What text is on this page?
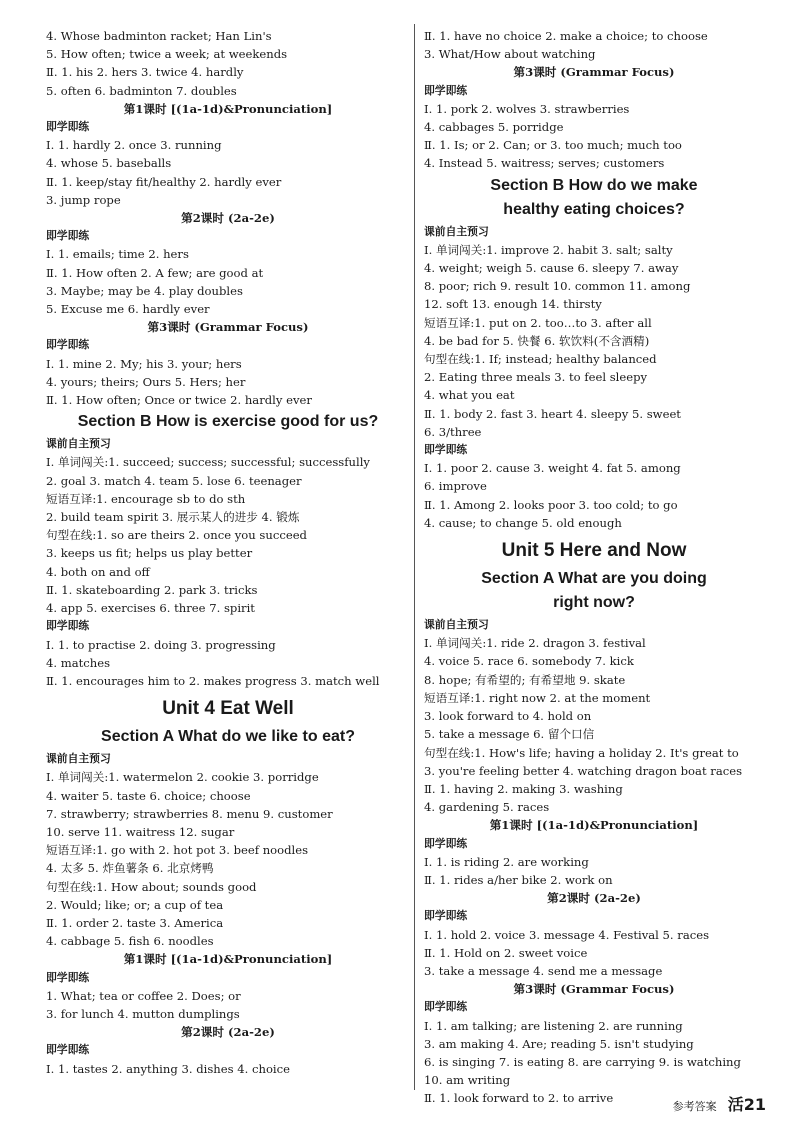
4. Whose badminton racket; Han Lin's
5. How often; twice a week; at weekends
Ⅱ. 1. his 2. hers 3. twice 4. hardly
5. often 6. badminton 7. doubles
第1课时 [(1a-1d)&Pronunciation]
即学即练
Ⅰ. 1. hardly 2. once 3. running
4. whose 5. baseballs
Ⅱ. 1. keep/stay fit/healthy 2. hardly ever
3. jump rope
第2课时 (2a-2e)
即学即练
Ⅰ. 1. emails; time 2. hers
Ⅱ. 1. How often 2. A few; are good at
3. Maybe; may be 4. play doubles
5. Excuse me 6. hardly ever
第3课时 (Grammar Focus)
即学即练
Ⅰ. 1. mine 2. My; his 3. your; hers
4. yours; theirs; Ours 5. Hers; her
Ⅱ. 1. How often; Once or twice 2. hardly ever
Section B How is exercise good for us?
课前自主预习
Ⅰ. 单词闯关:1. succeed; success; successful; successfully
2. goal 3. match 4. team 5. lose 6. teenager
短语互译:1. encourage sb to do sth
2. build team spirit 3. 展示某人的进步 4. 锻炼
句型在线:1. so are theirs 2. once you succeed
3. keeps us fit; helps us play better
4. both on and off
Ⅱ. 1. skateboarding 2. park 3. tricks
4. app 5. exercises 6. three 7. spirit
即学即练
Ⅰ. 1. to practise 2. doing 3. progressing
4. matches
Ⅱ. 1. encourages him to 2. makes progress 3. match well
Unit 4 Eat Well
Section A What do we like to eat?
课前自主预习
Ⅰ. 单词闯关:1. watermelon 2. cookie 3. porridge
4. waiter 5. taste 6. choice; choose
7. strawberry; strawberries 8. menu 9. customer
10. serve 11. waitress 12. sugar
短语互译:1. go with 2. hot pot 3. beef noodles
4. 太多 5. 炸鱼薯条 6. 北京烤鸭
句型在线:1. How about; sounds good
2. Would; like; or; a cup of tea
Ⅱ. 1. order 2. taste 3. America
4. cabbage 5. fish 6. noodles
第1课时 [(1a-1d)&Pronunciation]
即学即练
1. What; tea or coffee 2. Does; or
3. for lunch 4. mutton dumplings
第2课时 (2a-2e)
即学即练
Ⅰ. 1. tastes 2. anything 3. dishes 4. choice
Ⅱ. 1. have no choice 2. make a choice; to choose
3. What/How about watching
第3课时 (Grammar Focus)
即学即练
Ⅰ. 1. pork 2. wolves 3. strawberries
4. cabbages 5. porridge
Ⅱ. 1. Is; or 2. Can; or 3. too much; much too
4. Instead 5. waitress; serves; customers
Section B How do we make
healthy eating choices?
课前自主预习
Ⅰ. 单词闯关:1. improve 2. habit 3. salt; salty
4. weight; weigh 5. cause 6. sleepy 7. away
8. poor; rich 9. result 10. common 11. among
12. soft 13. enough 14. thirsty
短语互译:1. put on 2. too…to 3. after all
4. be bad for 5. 快餐 6. 软饮料(不含酒精)
句型在线:1. If; instead; healthy balanced
2. Eating three meals 3. to feel sleepy
4. what you eat
Ⅱ. 1. body 2. fast 3. heart 4. sleepy 5. sweet
6. 3/three
即学即练
Ⅰ. 1. poor 2. cause 3. weight 4. fat 5. among
6. improve
Ⅱ. 1. Among 2. looks poor 3. too cold; to go
4. cause; to change 5. old enough
Unit 5 Here and Now
Section A What are you doing
right now?
课前自主预习
Ⅰ. 单词闯关:1. ride 2. dragon 3. festival
4. voice 5. race 6. somebody 7. kick
8. hope; 有希望的; 有希望地 9. skate
短语互译:1. right now 2. at the moment
3. look forward to 4. hold on
5. take a message 6. 留个口信
句型在线:1. How's life; having a holiday 2. It's great to
3. you're feeling better 4. watching dragon boat races
Ⅱ. 1. having 2. making 3. washing
4. gardening 5. races
第1课时 [(1a-1d)&Pronunciation]
即学即练
Ⅰ. 1. is riding 2. are working
Ⅱ. 1. rides a/her bike 2. work on
第2课时 (2a-2e)
即学即练
Ⅰ. 1. hold 2. voice 3. message 4. Festival 5. races
Ⅱ. 1. Hold on 2. sweet voice
3. take a message 4. send me a message
第3课时 (Grammar Focus)
即学即练
Ⅰ. 1. am talking; are listening 2. are running
3. am making 4. Are; reading 5. isn't studying
6. is singing 7. is eating 8. are carrying 9. is watching
10. am writing
Ⅱ. 1. look forward to 2. to arrive
参考答案 活21
